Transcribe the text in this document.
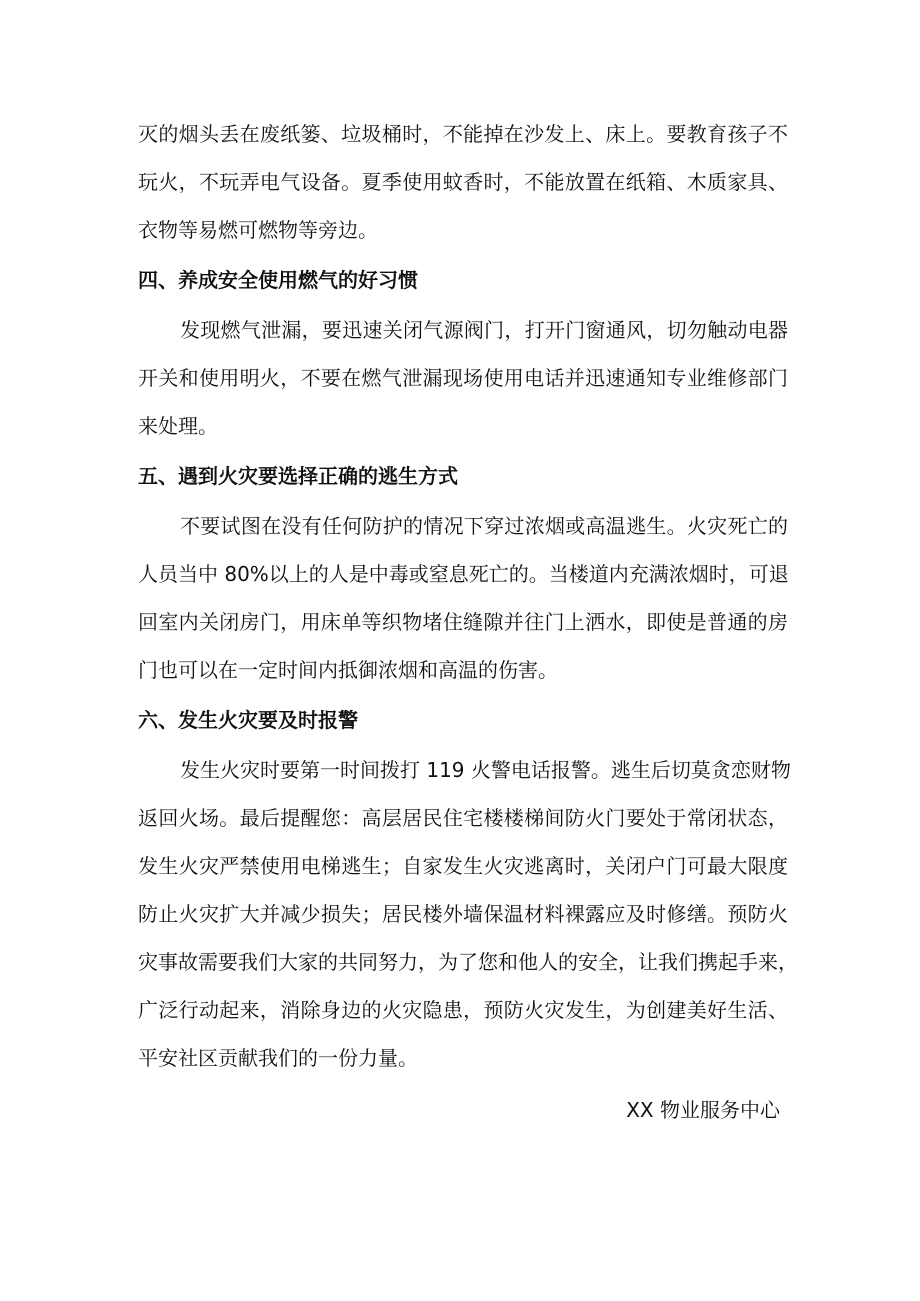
灭的烟头丢在废纸篓、垃圾桶时，不能掉在沙发上、床上。要教育孩子不
玩火，不玩弄电气设备。夏季使用蚊香时，不能放置在纸箱、木质家具、
衣物等易燃可燃物等旁边。
四、养成安全使用燃气的好习惯
发现燃气泄漏，要迅速关闭气源阀门，打开门窗通风，切勿触动电器
开关和使用明火，不要在燃气泄漏现场使用电话并迅速通知专业维修部门
来处理。
五、遇到火灾要选择正确的逃生方式
不要试图在没有任何防护的情况下穿过浓烟或高温逃生。火灾死亡的
人员当中 80%以上的人是中毒或窒息死亡的。当楼道内充满浓烟时，可退
回室内关闭房门，用床单等织物堵住缝隙并往门上洒水，即使是普通的房
门也可以在一定时间内抵御浓烟和高温的伤害。
六、发生火灾要及时报警
发生火灾时要第一时间拨打 119 火警电话报警。逃生后切莫贪恋财物
返回火场。最后提醒您：高层居民住宅楼楼梯间防火门要处于常闭状态，
发生火灾严禁使用电梯逃生；自家发生火灾逃离时，关闭户门可最大限度
防止火灾扩大并减少损失；居民楼外墙保温材料裸露应及时修缮。预防火
灾事故需要我们大家的共同努力，为了您和他人的安全，让我们携起手来，
广泛行动起来，消除身边的火灾隐患，预防火灾发生，为创建美好生活、
平安社区贡献我们的一份力量。
XX 物业服务中心
